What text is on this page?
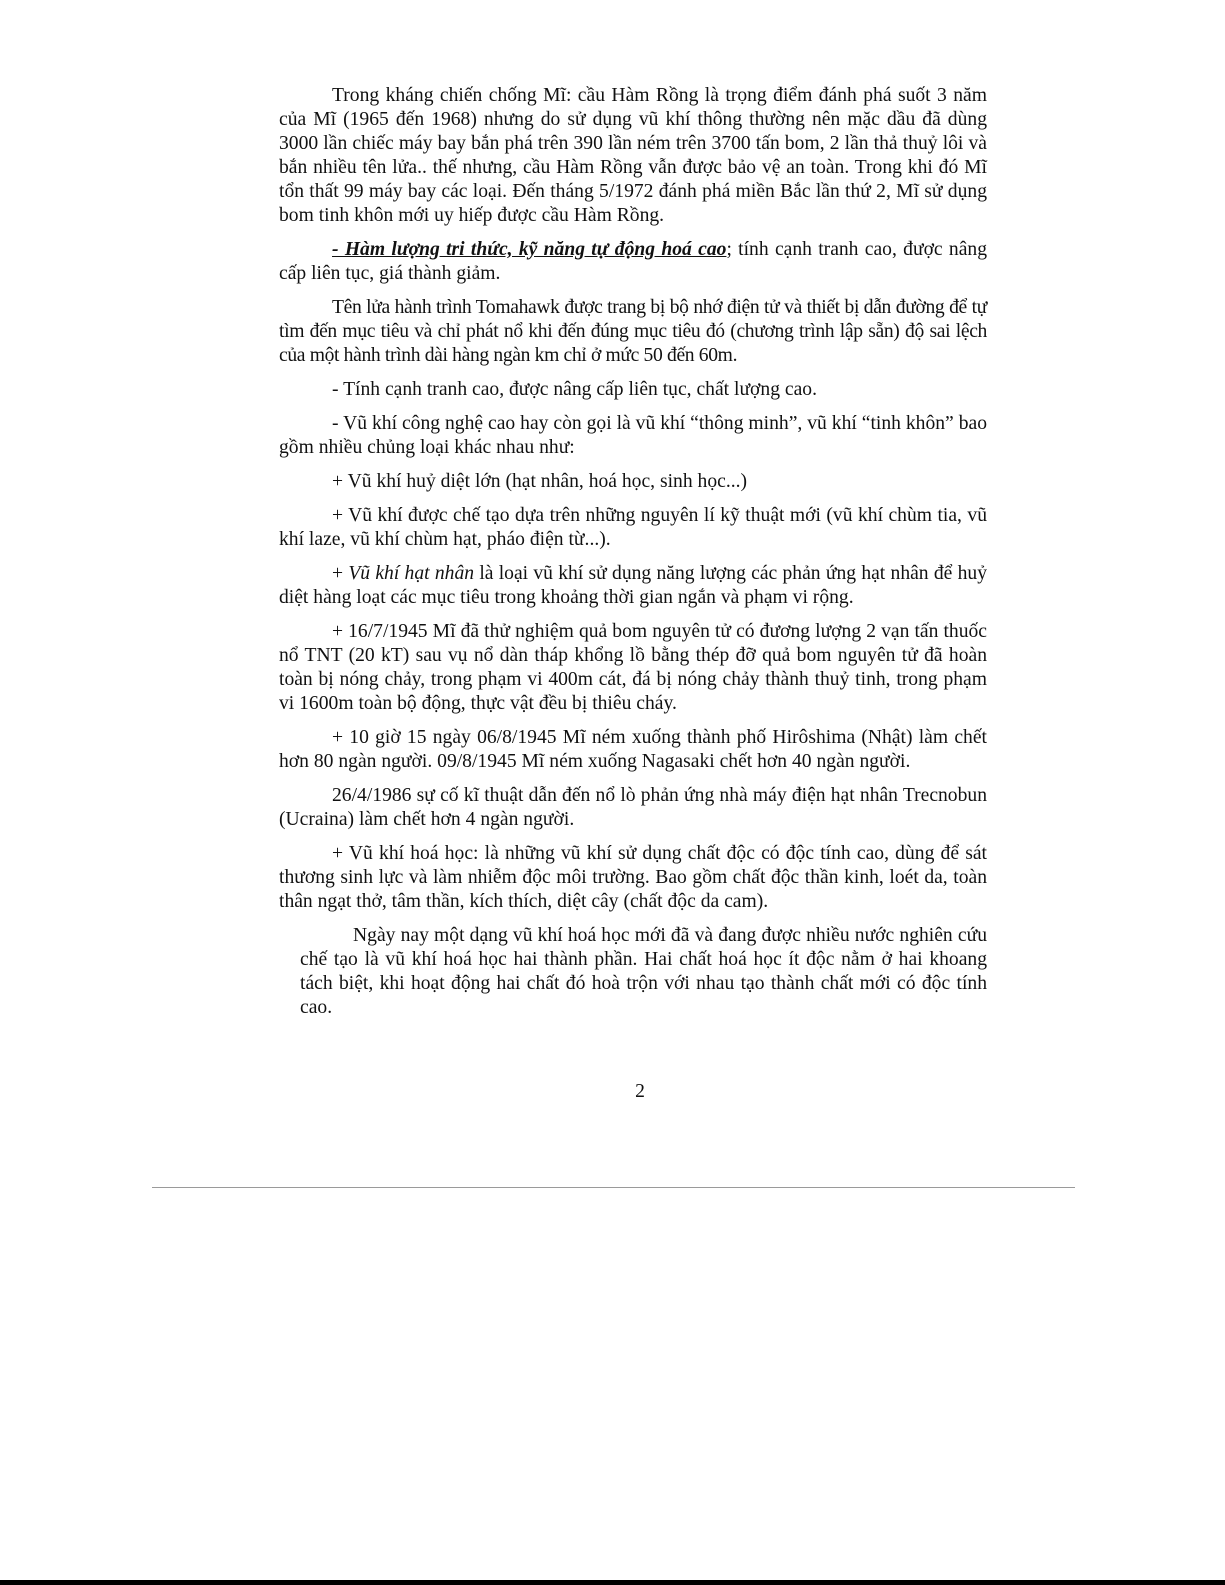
Trong kháng chiến chống Mĩ: cầu Hàm Rồng là trọng điểm đánh phá suốt 3 năm của Mĩ (1965 đến 1968) nhưng do sử dụng vũ khí thông thường nên mặc dầu đã dùng 3000 lần chiếc máy bay bắn phá trên 390 lần ném trên 3700 tấn bom, 2 lần thả thuỷ lôi và bắn nhiều tên lửa.. thế nhưng, cầu Hàm Rồng vẫn được bảo vệ an toàn. Trong khi đó Mĩ tổn thất 99 máy bay các loại. Đến tháng 5/1972 đánh phá miền Bắc lần thứ 2, Mĩ sử dụng bom tinh khôn mới uy hiếp được cầu Hàm Rồng.

- Hàm lượng tri thức, kỹ năng tự động hoá cao; tính cạnh tranh cao, được nâng cấp liên tục, giá thành giảm.

Tên lửa hành trình Tomahawk được trang bị bộ nhớ điện tử và thiết bị dẫn đường để tự tìm đến mục tiêu và chỉ phát nổ khi đến đúng mục tiêu đó (chương trình lập sẵn) độ sai lệch của một hành trình dài hàng ngàn km chỉ ở mức 50 đến 60m.

- Tính cạnh tranh cao, được nâng cấp liên tục, chất lượng cao.

- Vũ khí công nghệ cao hay còn gọi là vũ khí “thông minh”, vũ khí “tinh khôn” bao gồm nhiều chủng loại khác nhau như:

+ Vũ khí huỷ diệt lớn (hạt nhân, hoá học, sinh học...)

+ Vũ khí được chế tạo dựa trên những nguyên lí kỹ thuật mới (vũ khí chùm tia, vũ khí laze, vũ khí chùm hạt, pháo điện từ...).

+ Vũ khí hạt nhân là loại vũ khí sử dụng năng lượng các phản ứng hạt nhân để huỷ diệt hàng loạt các mục tiêu trong khoảng thời gian ngắn và phạm vi rộng.

+ 16/7/1945 Mĩ đã thử nghiệm quả bom nguyên tử có đương lượng 2 vạn tấn thuốc nổ TNT (20 kT) sau vụ nổ dàn tháp khổng lồ bằng thép đỡ quả bom nguyên tử đã hoàn toàn bị nóng chảy, trong phạm vi 400m cát, đá bị nóng chảy thành thuỷ tinh, trong phạm vi 1600m toàn bộ động, thực vật đều bị thiêu cháy.

+ 10 giờ 15 ngày 06/8/1945 Mĩ ném xuống thành phố Hirôshima (Nhật) làm chết hơn 80 ngàn người. 09/8/1945 Mĩ ném xuống Nagasaki chết hơn 40 ngàn người.

26/4/1986 sự cố kĩ thuật dẫn đến nổ lò phản ứng nhà máy điện hạt nhân Trecnobun (Ucraina) làm chết hơn 4 ngàn người.

+ Vũ khí hoá học: là những vũ khí sử dụng chất độc có độc tính cao, dùng để sát thương sinh lực và làm nhiễm độc môi trường. Bao gồm chất độc thần kinh, loét da, toàn thân ngạt thở, tâm thần, kích thích, diệt cây (chất độc da cam).

Ngày nay một dạng vũ khí hoá học mới đã và đang được nhiều nước nghiên cứu chế tạo là vũ khí hoá học hai thành phần. Hai chất hoá học ít độc nằm ở hai khoang tách biệt, khi hoạt động hai chất đó hoà trộn với nhau tạo thành chất mới có độc tính cao.

2
